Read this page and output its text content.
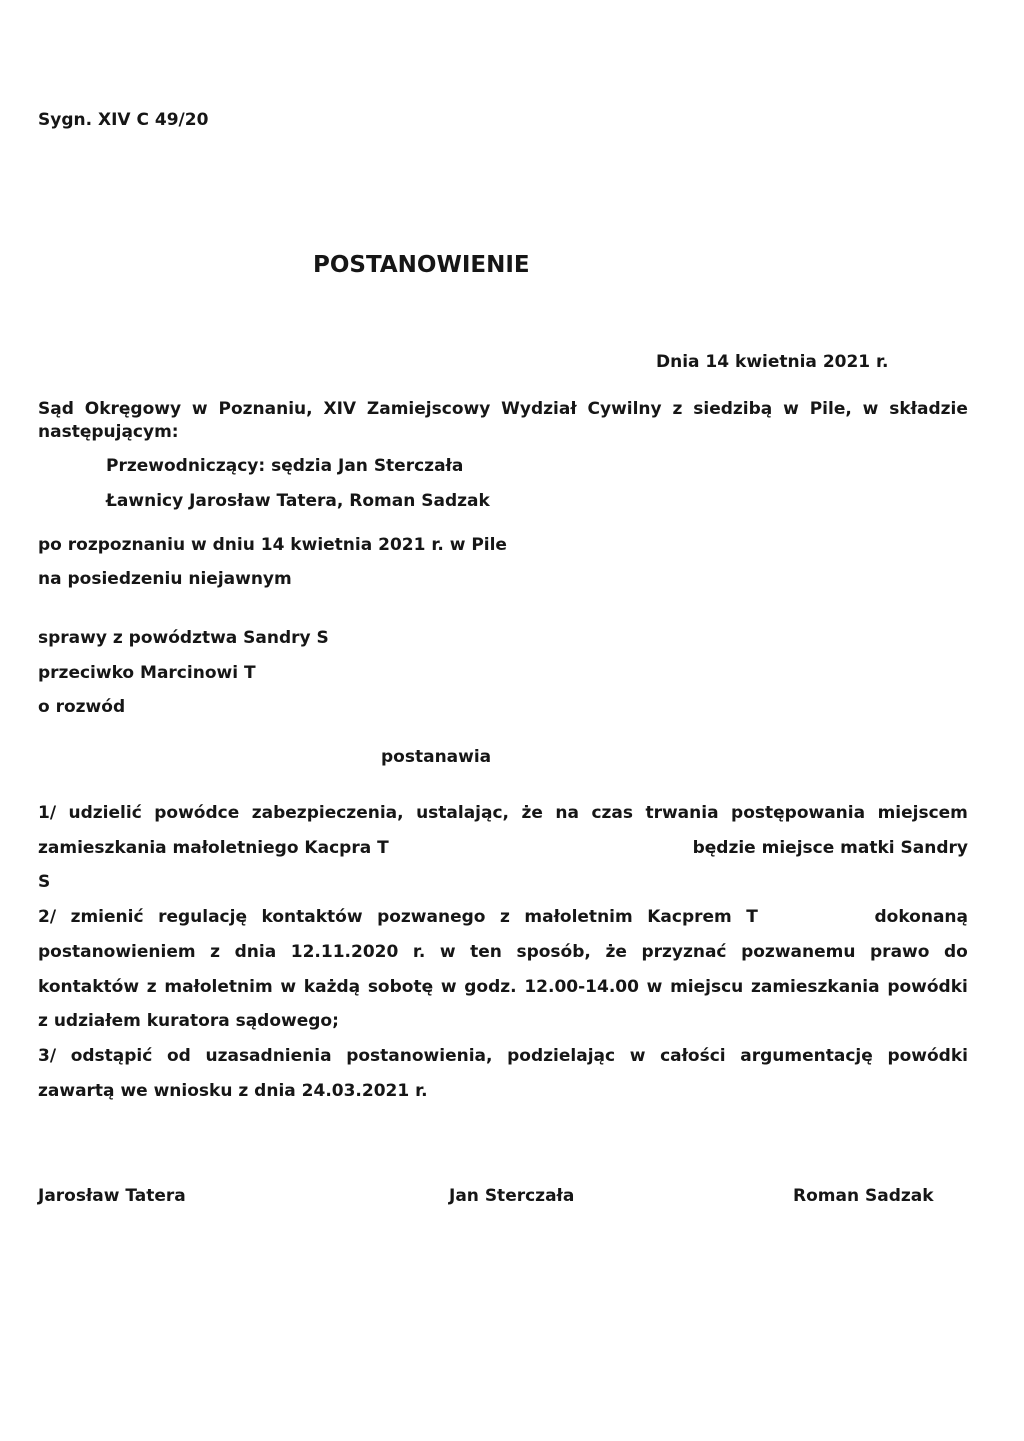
Sygn. XIV C 49/20
POSTANOWIENIE
Dnia 14 kwietnia 2021 r.
Sąd Okręgowy w Poznaniu, XIV Zamiejscowy Wydział Cywilny z siedzibą w Pile, w składzie
następującym:
Przewodniczący: sędzia Jan Sterczała
Ławnicy Jarosław Tatera, Roman Sadzak
po rozpoznaniu w dniu 14 kwietnia 2021 r. w Pile
na posiedzeniu niejawnym
sprawy z powództwa Sandry S
przeciwko Marcinowi T
o rozwód
postanawia
1/ udzielić powódce zabezpieczenia, ustalając, że na czas trwania postępowania miejscem
zamieszkania małoletniego Kacpra T	będzie miejsce matki Sandry
S
2/ zmienić regulację kontaktów pozwanego z małoletnim Kacprem T	dokonaną
postanowieniem z dnia 12.11.2020 r. w ten sposób, że przyznać pozwanemu prawo do
kontaktów z małoletnim w każdą sobotę w godz. 12.00-14.00 w miejscu zamieszkania powódki
z udziałem kuratora sądowego;
3/ odstąpić od uzasadnienia postanowienia, podzielając w całości argumentację powódki
zawartą we wniosku z dnia 24.03.2021 r.
Jarosław Tatera	Jan Sterczała	Roman Sadzak
